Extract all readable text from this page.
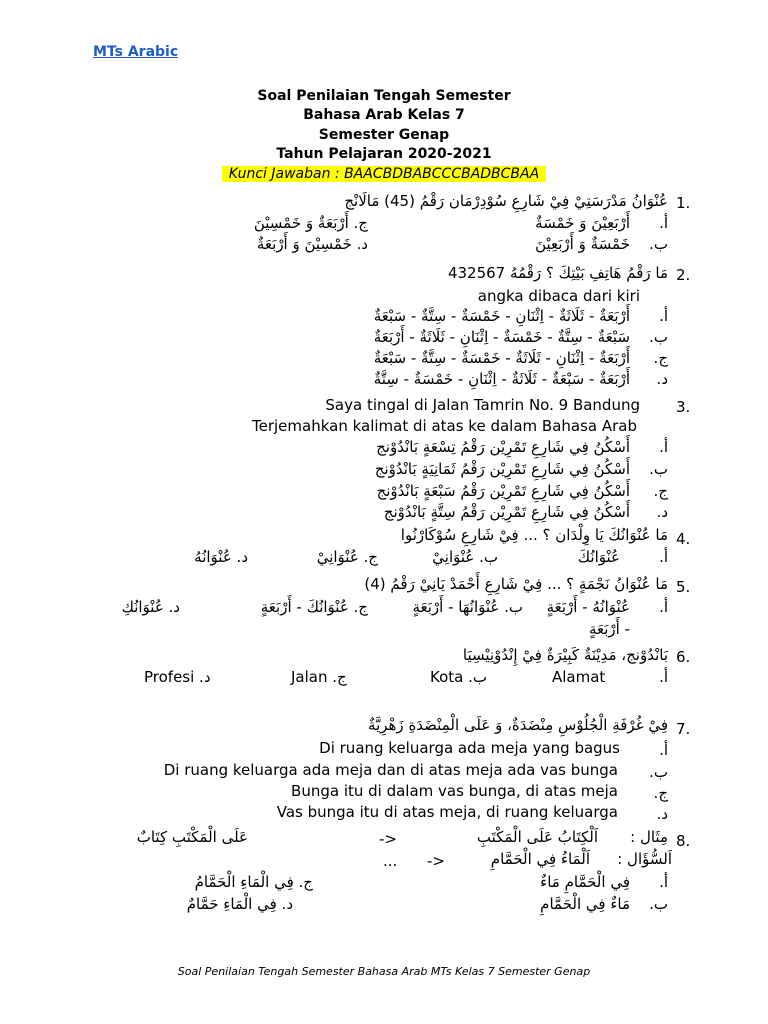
MTs Arabic
Soal Penilaian Tengah Semester
Bahasa Arab Kelas 7
Semester Genap
Tahun Pelajaran 2020-2021
Kunci Jawaban : BAACBDBABCCCBADBCBAA
1.
عُنْوَانُ مَدْرَسَتِيْ فِيْ شَارِعِ سُوْدِرْمَان رَقْمُ (45) مَالَانْج
أ.
أَرْبَعِيْنَ وَ خَمْسَةٌ
ج. أَرْبَعَةٌ وَ خَمْسِيْنَ
ب.
خَمْسَةٌ وَ أَرْبَعِيْنَ
د. خَمْسِيْنَ وَ أَرْبَعَةٌ
2.
مَا رَقْمُ هَاتِفِ بَيْتِكَ ؟ رَقْمُهُ 432567
angka dibaca dari kiri
أ.
أَرْبَعَةٌ - ثَلَاثَةٌ - اِثْنَانِ - خَمْسَةٌ - سِتَّةٌ - سَبْعَةٌ
ب.
سَبْعَةٌ - سِتَّةٌ - خَمْسَةٌ - اِثْنَانِ - ثَلَاثَةٌ - أَرْبَعَةٌ
ج.
أَرْبَعَةٌ - اِثْنَانِ - ثَلَاثَةٌ - خَمْسَةٌ - سِتَّةٌ - سَبْعَةٌ
د.
أَرْبَعَةٌ - سَبْعَةٌ - ثَلَاثَةٌ - اِثْنَانِ - خَمْسَةٌ - سِتَّةٌ
3.
Saya tingal di Jalan Tamrin No. 9 Bandung
Terjemahkan kalimat di atas ke dalam Bahasa Arab
أ.
أَسْكُنُ فِي شَارِعِ تَمْرِيْن رَقْمُ تِسْعَةٍ بَانْدُوْنج
ب.
أَسْكُنُ فِي شَارِعِ تَمْرِيْن رَقْمُ ثَمَانِيَةٍ بَانْدُوْنج
ج.
أَسْكُنُ فِي شَارِعِ تَمْرِيْن رَقْمُ سَبْعَةٍ بَانْدُوْنج
د.
أَسْكُنُ فِي شَارِعِ تَمْرِيْن رَقْمُ سِتَّةٍ بَانْدُوْنج
4.
مَا عُنْوَانُكَ يَا وِلْدَان ؟ ... فِيْ شَارِعِ سُوْكَارْنُوا
أ.
عُنْوَانُكَ
ب. عُنْوَانِيْ
ج. عُنْوَانِيْ
د. عُنْوَانُهُ
5.
مَا عُنْوَانُ نَجْمَةٍ ؟ ... فِيْ شَارِعِ أَحْمَدْ يَانِيْ رَقْمُ (4)
أ.
عُنْوَانُهُ - أَرْبَعَةٍ
- أَرْبَعَةٍ
ب. عُنْوَانُهَا - أَرْبَعَةٍ
ج. عُنْوَانُكَ - أَرْبَعَةٍ
د. عُنْوَانُكِ
6.
بَانْدُوْنج، مَدِيْنَةٌ كَبِيْرَةٌ فِيْ إِنْدُوْنِيْسِيَا
أ.
Alamat
Kota .ب
Jalan .ج
Profesi .د
7.
فِيْ غُرْفَةِ الْجُلُوْسِ مِنْضَدَةٌ، وَ عَلَى الْمِنْضَدَةِ زَهْرِيَّةٌ
أ.
Di ruang keluarga ada meja yang bagus
ب.
Di ruang keluarga ada meja dan di atas meja ada vas bunga
ج.
Bunga itu di dalam vas bunga, di atas meja
د.
Vas bunga itu di atas meja, di ruang keluarga
8.
مِثَال :
اَلْكِتَابُ عَلَى الْمَكْتَبِ
->
عَلَى الْمَكْتَبِ كِتَابٌ
اَلسُّؤَال :
اَلْمَاءُ فِي الْحَمَّامِ
->
...
أ.
فِي الْحَمَّامِ مَاءٌ
ج. فِي الْمَاءِ الْحَمَّامُ
ب.
مَاءٌ فِي الْحَمَّامِ
د. فِي الْمَاءِ حَمَّامٌ
Soal Penilaian Tengah Semester Bahasa Arab MTs Kelas 7 Semester Genap
